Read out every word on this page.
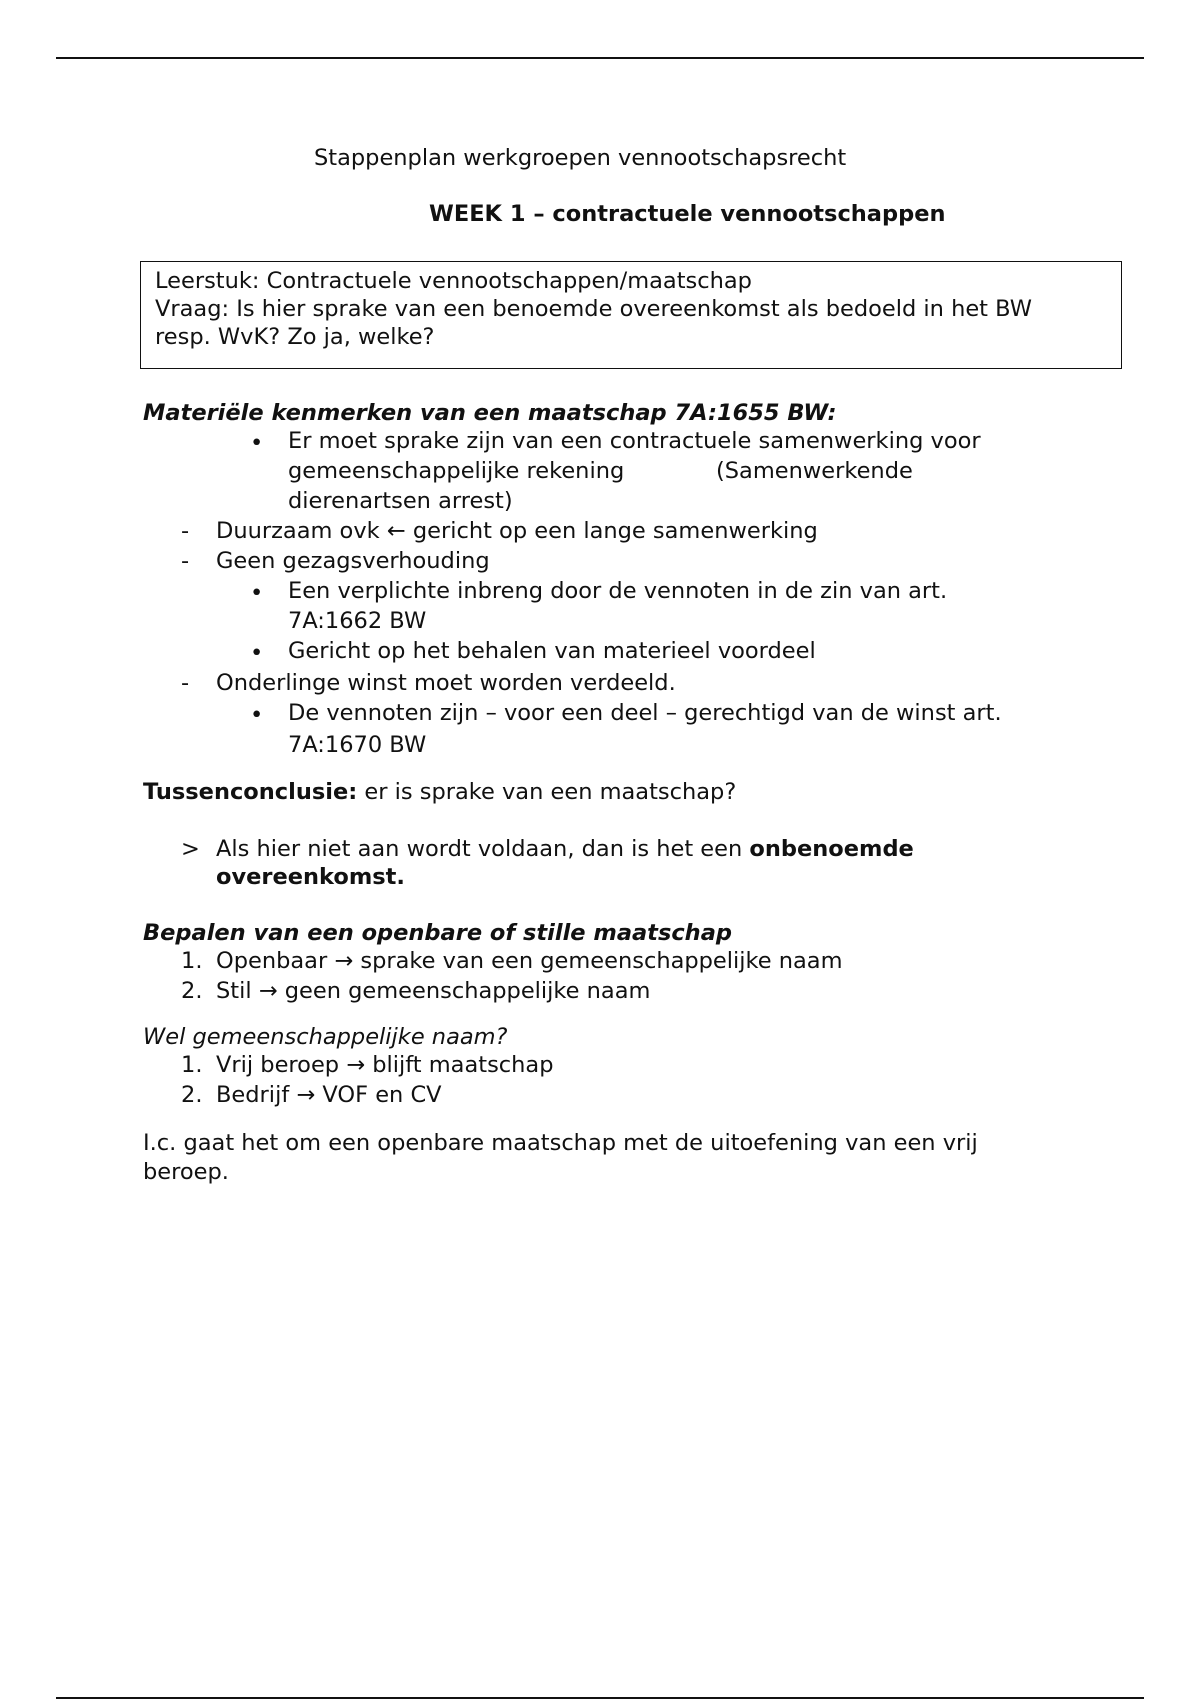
Stappenplan werkgroepen vennootschapsrecht
WEEK 1 – contractuele vennootschappen
Leerstuk: Contractuele vennootschappen/maatschap
Vraag: Is hier sprake van een benoemde overeenkomst als bedoeld in het BW
resp. WvK? Zo ja, welke?
Materiële kenmerken van een maatschap 7A:1655 BW:
• Er moet sprake zijn van een contractuele samenwerking voor
gemeenschappelijke rekening	(Samenwerkende
dierenartsen arrest)
- Duurzaam ovk ← gericht op een lange samenwerking
- Geen gezagsverhouding
• Een verplichte inbreng door de vennoten in de zin van art.
7A:1662 BW
• Gericht op het behalen van materieel voordeel
- Onderlinge winst moet worden verdeeld.
• De vennoten zijn – voor een deel – gerechtigd van de winst art.
7A:1670 BW
Tussenconclusie: er is sprake van een maatschap?
> Als hier niet aan wordt voldaan, dan is het een onbenoemde
overeenkomst.
Bepalen van een openbare of stille maatschap
1. Openbaar → sprake van een gemeenschappelijke naam
2. Stil → geen gemeenschappelijke naam
Wel gemeenschappelijke naam?
1. Vrij beroep → blijft maatschap
2. Bedrijf → VOF en CV
I.c. gaat het om een openbare maatschap met de uitoefening van een vrij
beroep.
